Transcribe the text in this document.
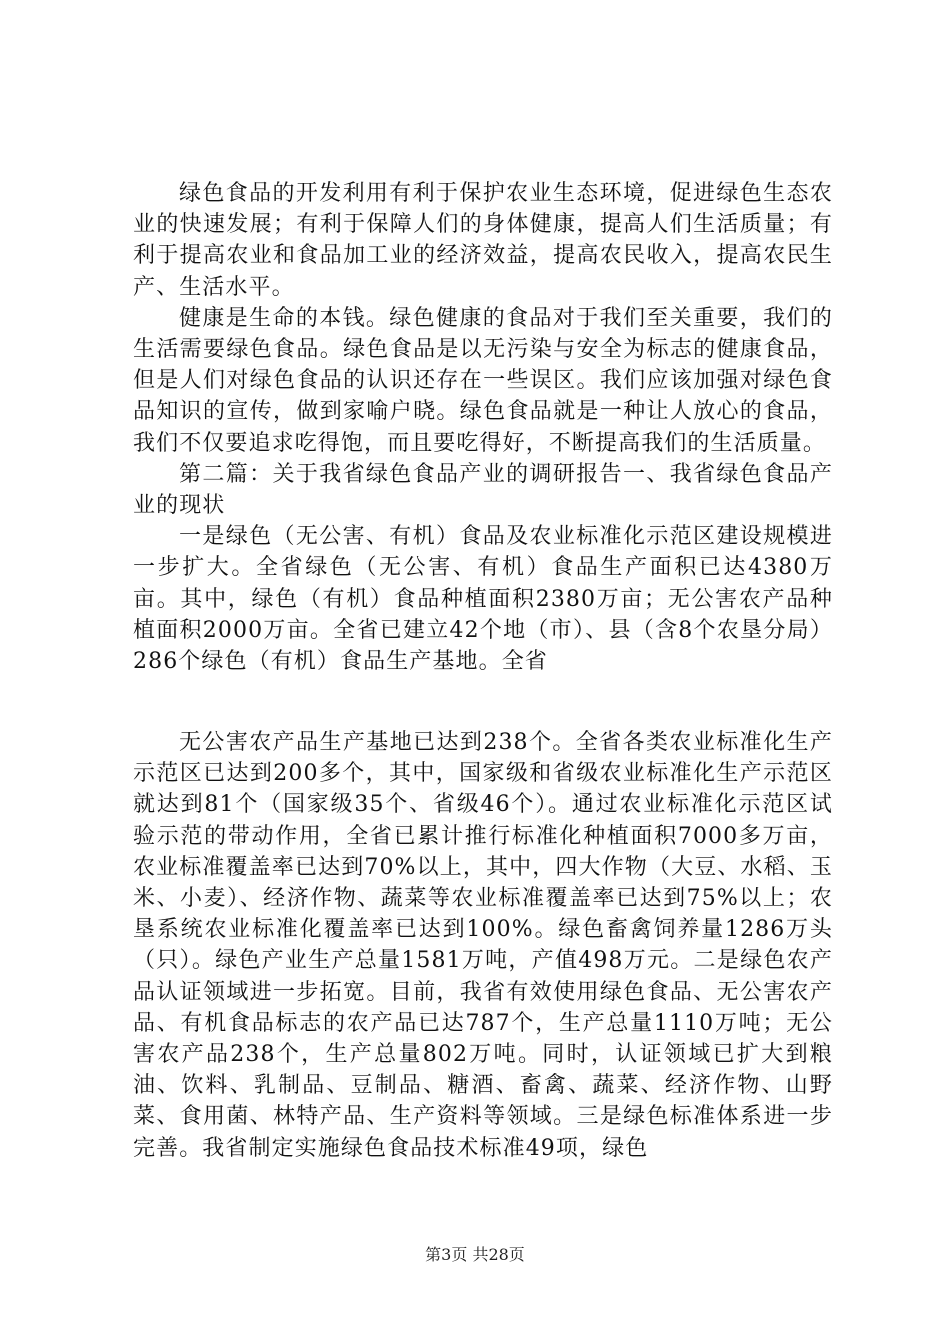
绿色食品的开发利用有利于保护农业生态环境，促进绿色生态农业的快速发展；有利于保障人们的身体健康，提高人们生活质量；有利于提高农业和食品加工业的经济效益，提高农民收入，提高农民生产、生活水平。

健康是生命的本钱。绿色健康的食品对于我们至关重要，我们的生活需要绿色食品。绿色食品是以无污染与安全为标志的健康食品，但是人们对绿色食品的认识还存在一些误区。我们应该加强对绿色食品知识的宣传，做到家喻户晓。绿色食品就是一种让人放心的食品，我们不仅要追求吃得饱，而且要吃得好，不断提高我们的生活质量。

第二篇：关于我省绿色食品产业的调研报告一、我省绿色食品产业的现状

一是绿色（无公害、有机）食品及农业标准化示范区建设规模进一步扩大。全省绿色（无公害、有机）食品生产面积已达4380万亩。其中，绿色（有机）食品种植面积2380万亩；无公害农产品种植面积2000万亩。全省已建立42个地（市）、县（含8个农垦分局）286个绿色（有机）食品生产基地。全省

无公害农产品生产基地已达到238个。全省各类农业标准化生产示范区已达到200多个，其中，国家级和省级农业标准化生产示范区就达到81个（国家级35个、省级46个）。通过农业标准化示范区试验示范的带动作用，全省已累计推行标准化种植面积7000多万亩，农业标准覆盖率已达到70%以上，其中，四大作物（大豆、水稻、玉米、小麦）、经济作物、蔬菜等农业标准覆盖率已达到75%以上；农垦系统农业标准化覆盖率已达到100%。绿色畜禽饲养量1286万头（只）。绿色产业生产总量1581万吨，产值498万元。二是绿色农产品认证领域进一步拓宽。目前，我省有效使用绿色食品、无公害农产品、有机食品标志的农产品已达787个，生产总量1110万吨；无公害农产品238个，生产总量802万吨。同时，认证领域已扩大到粮油、饮料、乳制品、豆制品、糖酒、畜禽、蔬菜、经济作物、山野菜、食用菌、林特产品、生产资料等领域。三是绿色标准体系进一步完善。我省制定实施绿色食品技术标准49项，绿色

第3页 共28页
